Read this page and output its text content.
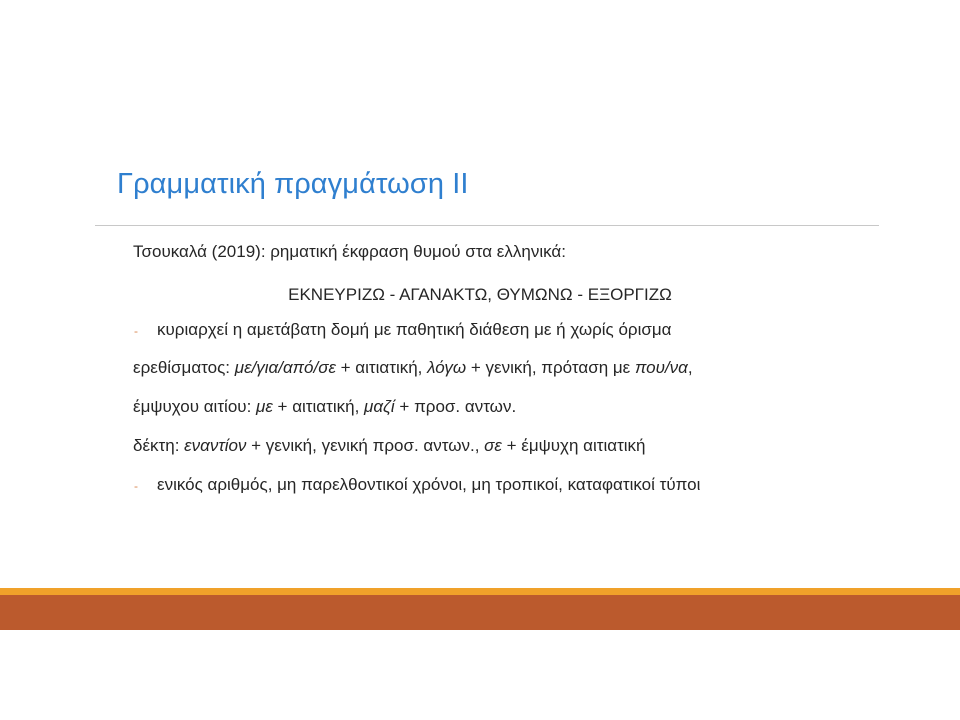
Γραμματική πραγμάτωση ΙΙ
Τσουκαλά (2019): ρηματική έκφραση θυμού στα ελληνικά:
ΕΚΝΕΥΡΙΖΩ - ΑΓΑΝΑΚΤΩ, ΘΥΜΩΝΩ - ΕΞΟΡΓΙΖΩ
- κυριαρχεί η αμετάβατη δομή με παθητική διάθεση με ή χωρίς όρισμα
ερεθίσματος: με/για/από/σε + αιτιατική, λόγω + γενική, πρόταση με που/να,
έμψυχου αιτίου: με + αιτιατική, μαζί + προσ. αντων.
δέκτη: εναντίον + γενική, γενική προσ. αντων., σε + έμψυχη αιτιατική
- ενικός αριθμός, μη παρελθοντικοί χρόνοι, μη τροπικοί, καταφατικοί τύποι
